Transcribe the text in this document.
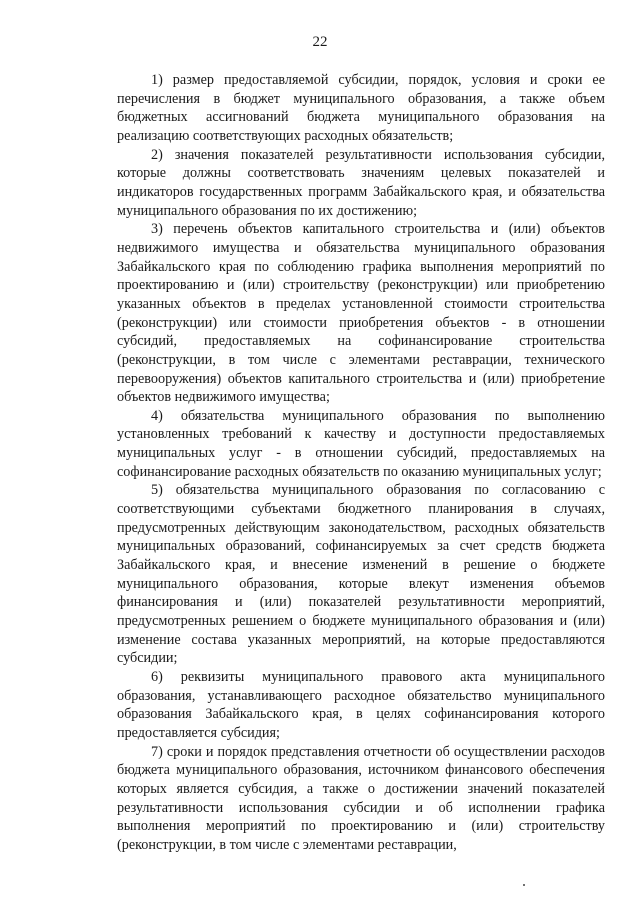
22

1) размер предоставляемой субсидии, порядок, условия и сроки ее перечисления в бюджет муниципального образования, а также объем бюджетных ассигнований бюджета муниципального образования на реализацию соответствующих расходных обязательств;

2) значения показателей результативности использования субсидии, которые должны соответствовать значениям целевых показателей и индикаторов государственных программ Забайкальского края, и обязательства муниципального образования по их достижению;

3) перечень объектов капитального строительства и (или) объектов недвижимого имущества и обязательства муниципального образования Забайкальского края по соблюдению графика выполнения мероприятий по проектированию и (или) строительству (реконструкции) или приобретению указанных объектов в пределах установленной стоимости строительства (реконструкции) или стоимости приобретения объектов - в отношении субсидий, предоставляемых на софинансирование строительства (реконструкции, в том числе с элементами реставрации, технического перевооружения) объектов капитального строительства и (или) приобретение объектов недвижимого имущества;

4) обязательства муниципального образования по выполнению установленных требований к качеству и доступности предоставляемых муниципальных услуг - в отношении субсидий, предоставляемых на софинансирование расходных обязательств по оказанию муниципальных услуг;

5) обязательства муниципального образования по согласованию с соответствующими субъектами бюджетного планирования в случаях, предусмотренных действующим законодательством, расходных обязательств муниципальных образований, софинансируемых за счет средств бюджета Забайкальского края, и внесение изменений в решение о бюджете муниципального образования, которые влекут изменения объемов финансирования и (или) показателей результативности мероприятий, предусмотренных решением о бюджете муниципального образования и (или) изменение состава указанных мероприятий, на которые предоставляются субсидии;

6) реквизиты муниципального правового акта муниципального образования, устанавливающего расходное обязательство муниципального образования Забайкальского края, в целях софинансирования которого предоставляется субсидия;

7) сроки и порядок представления отчетности об осуществлении расходов бюджета муниципального образования, источником финансового обеспечения которых является субсидия, а также о достижении значений показателей результативности использования субсидии и об исполнении графика выполнения мероприятий по проектированию и (или) строительству (реконструкции, в том числе с элементами реставрации,
